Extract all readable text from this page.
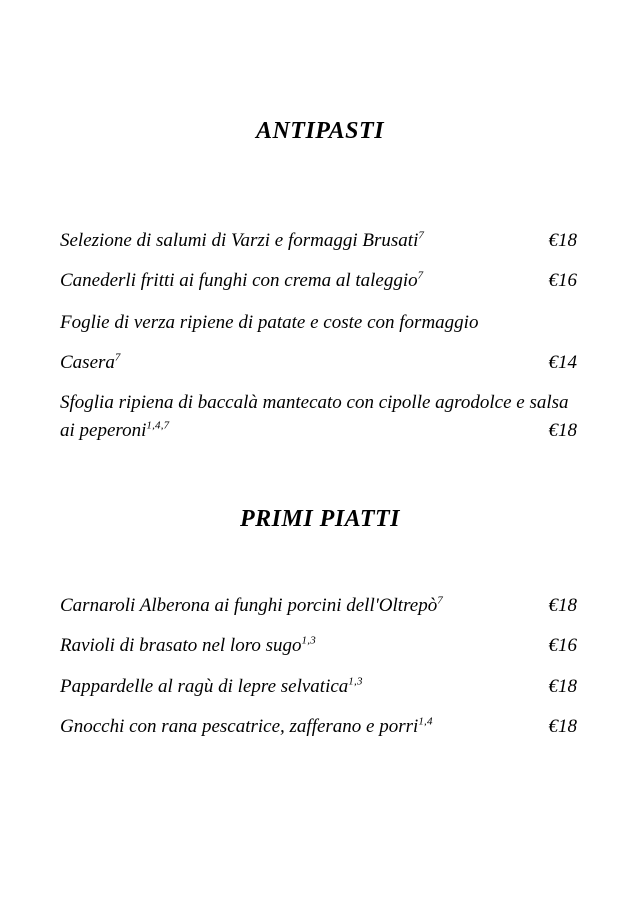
ANTIPASTI
Selezione di salumi di Varzi e formaggi Brusati$^7$	€18
Canederli fritti ai funghi con crema al taleggio$^7$	€16
Foglie di verza ripiene di patate e coste con formaggio
Casera$^7$	€14
Sfoglia ripiena di baccalà mantecato con cipolle agrodolce e salsa ai peperoni$^{1,4,7}$	€18
PRIMI PIATTI
Carnaroli Alberona ai funghi porcini dell'Oltrepò$^7$	€18
Ravioli di brasato nel loro sugo$^{1,3}$	€16
Pappardelle al ragù di lepre selvatica$^{1,3}$	€18
Gnocchi con rana pescatrice, zafferano e porri$^{1,4}$	€18
